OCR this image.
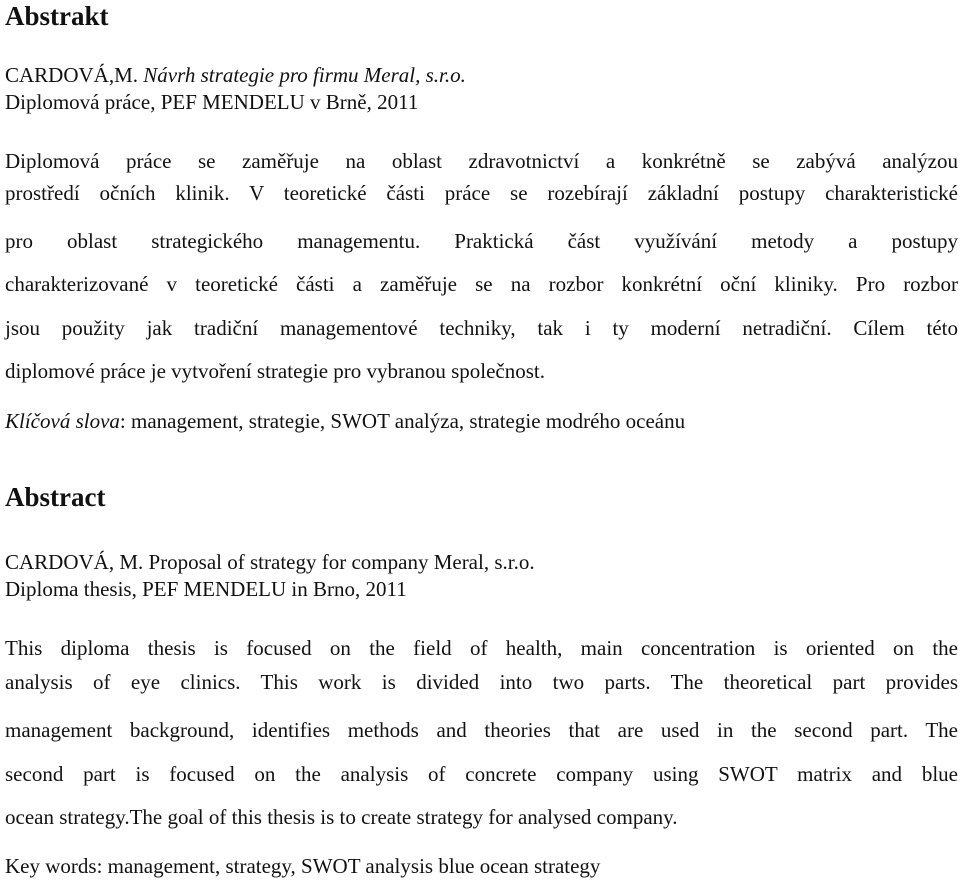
Abstrakt

CARDOVÁ,M. Návrh strategie pro firmu Meral, s.r.o.

Diplomová práce, PEF MENDELU v Brně, 2011

Diplomová práce se zaměřuje na oblast zdravotnictví a konkrétně se zabývá analýzou
prostředí očních klinik. V teoretické části práce se rozebírají základní postupy charakteristické
pro oblast strategického managementu. Praktická část využívání metody a postupy
charakterizované v teoretické části a zaměřuje se na rozbor konkrétní oční kliniky. Pro rozbor
jsou použity jak tradiční managementové techniky, tak i ty moderní netradiční. Cílem této
diplomové práce je vytvoření strategie pro vybranou společnost.

Klíčová slova: management, strategie, SWOT analýza, strategie modrého oceánu

Abstract

CARDOVÁ, M. Proposal of strategy for company Meral, s.r.o.

Diploma thesis, PEF MENDELU in Brno, 2011

This diploma thesis is focused on the field of health, main concentration is oriented on the
analysis of eye clinics. This work is divided into two parts. The theoretical part provides
management background, identifies methods and theories that are used in the second part. The
second part is focused on the analysis of concrete company using SWOT matrix and blue
ocean strategy.The goal of this thesis is to create strategy for analysed company.

Key words: management, strategy, SWOT analysis blue ocean strategy
